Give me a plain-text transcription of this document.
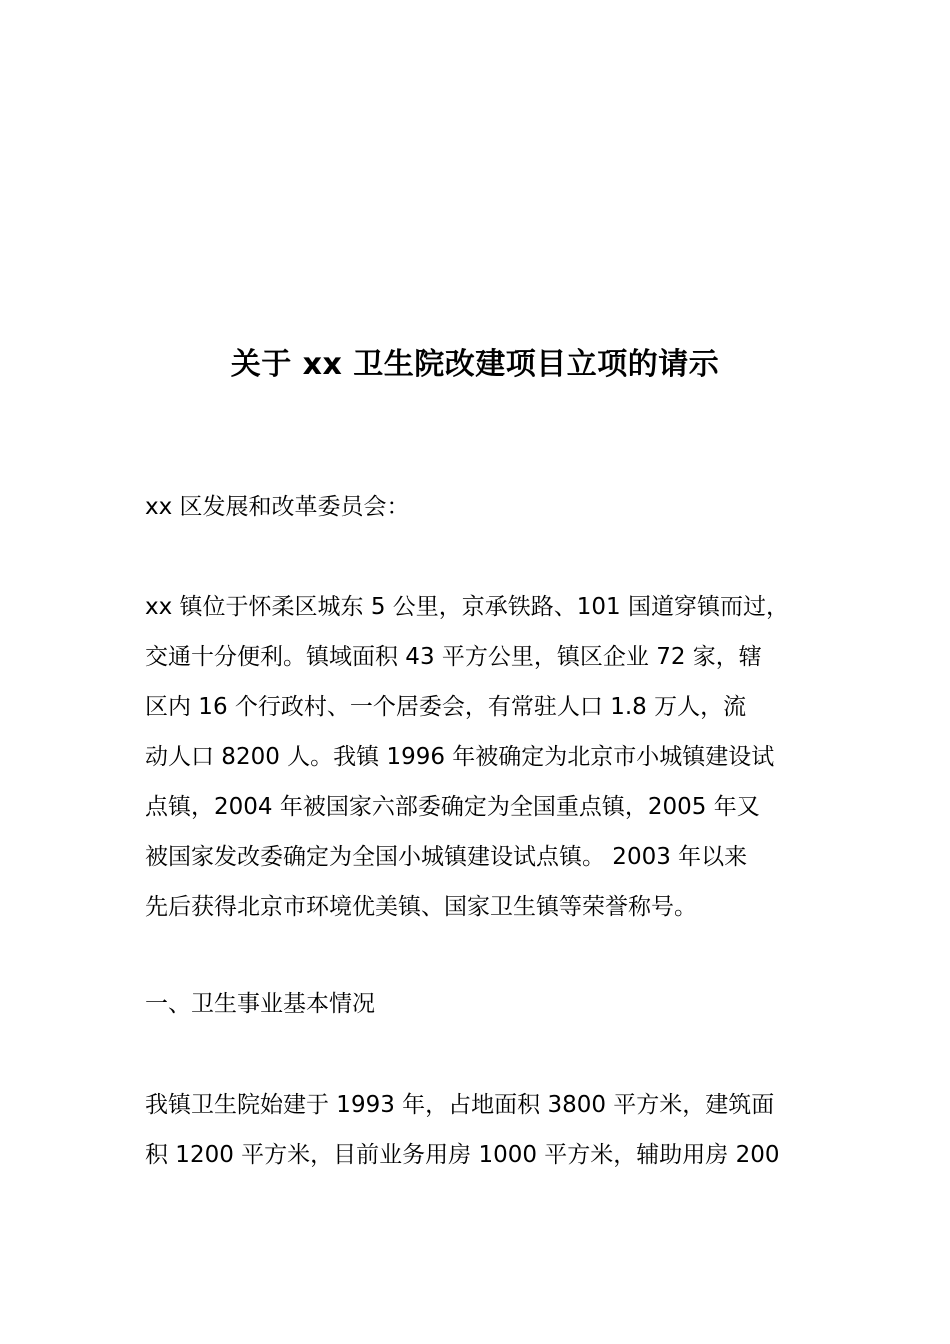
关于 xx 卫生院改建项目立项的请示
xx 区发展和改革委员会：
xx 镇位于怀柔区城东 5 公里，京承铁路、101 国道穿镇而过，
交通十分便利。镇域面积 43 平方公里，镇区企业 72 家，辖
区内 16 个行政村、一个居委会，有常驻人口 1.8 万人，流
动人口 8200 人。我镇 1996 年被确定为北京市小城镇建设试
点镇，2004 年被国家六部委确定为全国重点镇，2005 年又
被国家发改委确定为全国小城镇建设试点镇。 2003 年以来
先后获得北京市环境优美镇、国家卫生镇等荣誉称号。
一、卫生事业基本情况
我镇卫生院始建于 1993 年，占地面积 3800 平方米，建筑面
积 1200 平方米，目前业务用房 1000 平方米，辅助用房 200
